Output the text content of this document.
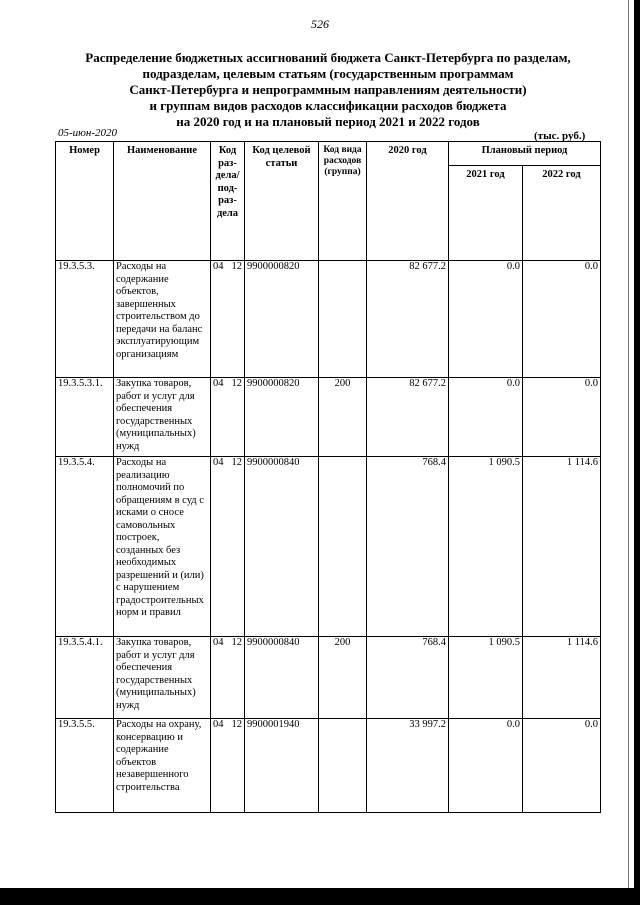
526
Распределение бюджетных ассигнований бюджета Санкт-Петербурга по разделам,
подразделам, целевым статьям (государственным программам
Санкт-Петербурга и непрограммным направлениям деятельности)
и группам видов расходов классификации расходов бюджета
на 2020 год и на плановый период 2021 и 2022 годов
05-июн-2020	(тыс. руб.)
Номер	Наименование	Код раз-дела/ под-раз-дела	Код целевой статьи	Код вида расходов (группа)	2020 год	Плановый период	
						2021 год	2022 год
19.3.5.3.	Расходы на содержание объектов, завершенных строительством до передачи на баланс эксплуатирующим организациям	04 12	9900000820		82 677.2	0.0	0.0
19.3.5.3.1.	Закупка товаров, работ и услуг для обеспечения государственных (муниципальных) нужд	04 12	9900000820	200	82 677.2	0.0	0.0
19.3.5.4.	Расходы на реализацию полномочий по обращениям в суд с исками о сносе самовольных построек, созданных без необходимых разрешений и (или) с нарушением градостроительных норм и правил	04 12	9900000840		768.4	1 090.5	1 114.6
19.3.5.4.1.	Закупка товаров, работ и услуг для обеспечения государственных (муниципальных) нужд	04 12	9900000840	200	768.4	1 090.5	1 114.6
19.3.5.5.	Расходы на охрану, консервацию и содержание объектов незавершенного строительства	04 12	9900001940		33 997.2	0.0	0.0
